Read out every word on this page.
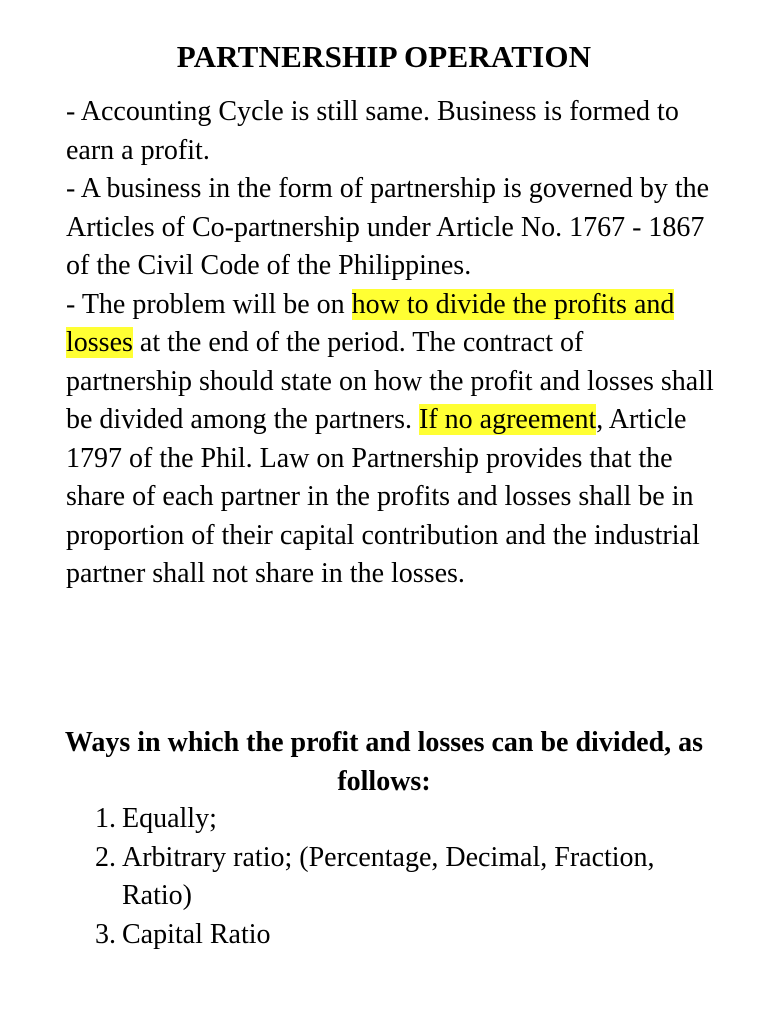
PARTNERSHIP OPERATION

- Accounting Cycle is still same. Business is formed to earn a profit.

- A business in the form of partnership is governed by the Articles of Co-partnership under Article No. 1767 - 1867 of the Civil Code of the Philippines.

- The problem will be on how to divide the profits and losses at the end of the period. The contract of partnership should state on how the profit and losses shall be divided among the partners. If no agreement, Article 1797 of the Phil. Law on Partnership provides that the share of each partner in the profits and losses shall be in proportion of their capital contribution and the industrial partner shall not share in the losses.

Ways in which the profit and losses can be divided, as follows:
1. Equally;
2. Arbitrary ratio; (Percentage, Decimal, Fraction, Ratio)
3. Capital Ratio
